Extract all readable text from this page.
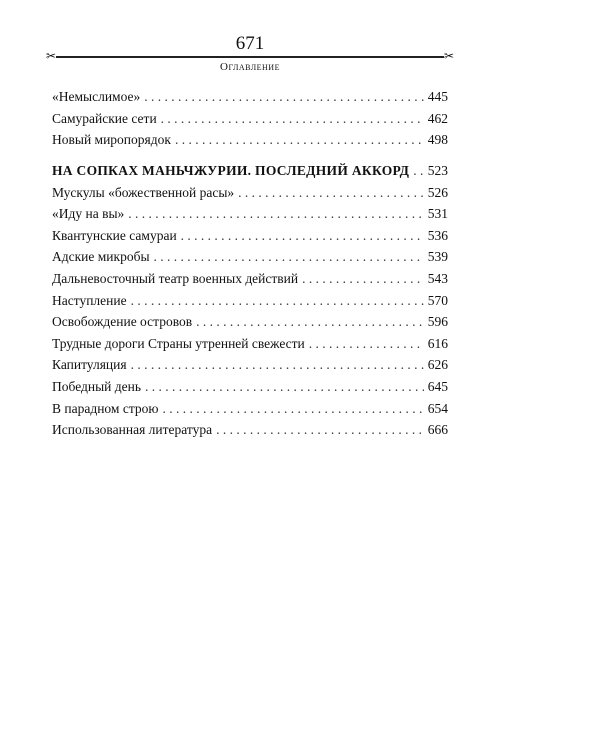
671
✂	✂
Оглавление
«Немыслимое» . . .	445
Самурайские сети . . .	462
Новый миропорядок . . .	498
НА СОПКАХ МАНЬЧЖУРИИ. ПОСЛЕДНИЙ АККОРД . . . 523
Мускулы «божественной расы» . . .	526
«Иду на вы» . . .	531
Квантунские самураи . . .	536
Адские микробы . . .	539
Дальневосточный театр военных действий . . .	543
Наступление . . .	570
Освобождение островов . . .	596
Трудные дороги Страны утренней свежести . . .	616
Капитуляция . . .	626
Победный день . . .	645
В парадном строю . . .	654
Использованная литература . . .	666
